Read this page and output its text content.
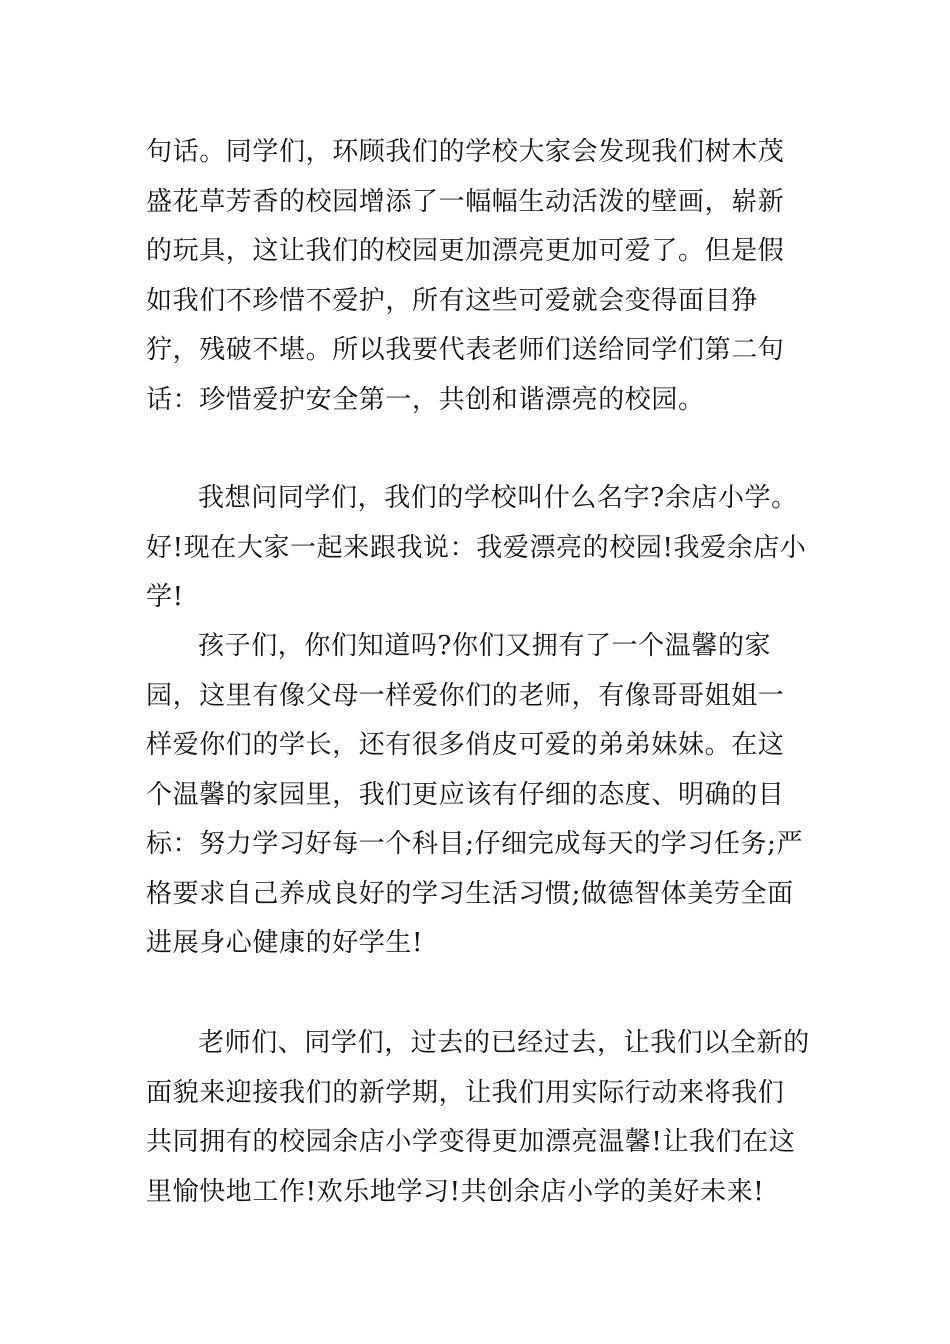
句话。同学们，环顾我们的学校大家会发现我们树木茂盛花草芳香的校园增添了一幅幅生动活泼的壁画，崭新的玩具，这让我们的校园更加漂亮更加可爱了。但是假如我们不珍惜不爱护，所有这些可爱就会变得面目狰狞，残破不堪。所以我要代表老师们送给同学们第二句话：珍惜爱护安全第一，共创和谐漂亮的校园。

我想问同学们，我们的学校叫什么名字?余店小学。好!现在大家一起来跟我说：我爱漂亮的校园!我爱余店小学!

孩子们，你们知道吗?你们又拥有了一个温馨的家园，这里有像父母一样爱你们的老师，有像哥哥姐姐一样爱你们的学长，还有很多俏皮可爱的弟弟妹妹。在这个温馨的家园里，我们更应该有仔细的态度、明确的目标：努力学习好每一个科目;仔细完成每天的学习任务;严格要求自己养成良好的学习生活习惯;做德智体美劳全面进展身心健康的好学生!

老师们、同学们，过去的已经过去，让我们以全新的面貌来迎接我们的新学期，让我们用实际行动来将我们共同拥有的校园余店小学变得更加漂亮温馨!让我们在这里愉快地工作!欢乐地学习!共创余店小学的美好未来!
